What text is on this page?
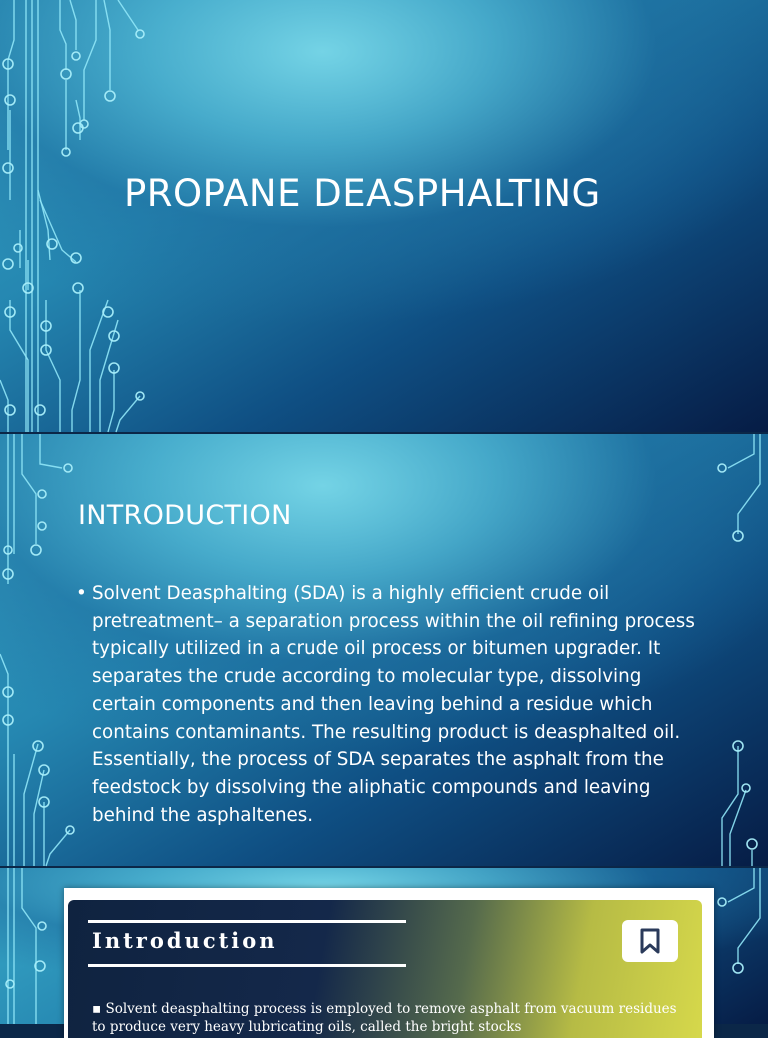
PROPANE DEASPHALTING
INTRODUCTION
• Solvent Deasphalting (SDA) is a highly efficient crude oil pretreatment– a separation process within the oil refining process typically utilized in a crude oil process or bitumen upgrader. It separates the crude according to molecular type, dissolving certain components and then leaving behind a residue which contains contaminants. The resulting product is deasphalted oil. Essentially, the process of SDA separates the asphalt from the feedstock by dissolving the aliphatic compounds and leaving behind the asphaltenes.
Introduction
▪ Solvent deasphalting process is employed to remove asphalt from vacuum residues to produce very heavy lubricating oils, called the bright stocks
